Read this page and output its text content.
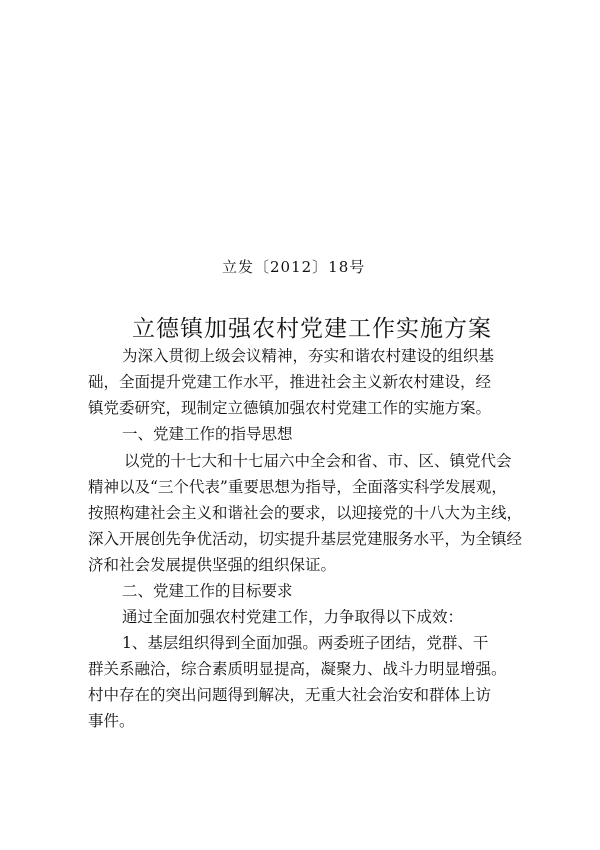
立发〔2012〕18号
立德镇加强农村党建工作实施方案
为深入贯彻上级会议精神，夯实和谐农村建设的组织基
础，全面提升党建工作水平，推进社会主义新农村建设，经
镇党委研究，现制定立德镇加强农村党建工作的实施方案。
一、党建工作的指导思想
以党的十七大和十七届六中全会和省、市、区、镇党代会
精神以及“三个代表”重要思想为指导，全面落实科学发展观，
按照构建社会主义和谐社会的要求，以迎接党的十八大为主线，
深入开展创先争优活动，切实提升基层党建服务水平，为全镇经
济和社会发展提供坚强的组织保证。
二、党建工作的目标要求
通过全面加强农村党建工作，力争取得以下成效：
1、基层组织得到全面加强。两委班子团结，党群、干
群关系融洽，综合素质明显提高，凝聚力、战斗力明显增强。
村中存在的突出问题得到解决，无重大社会治安和群体上访
事件。
